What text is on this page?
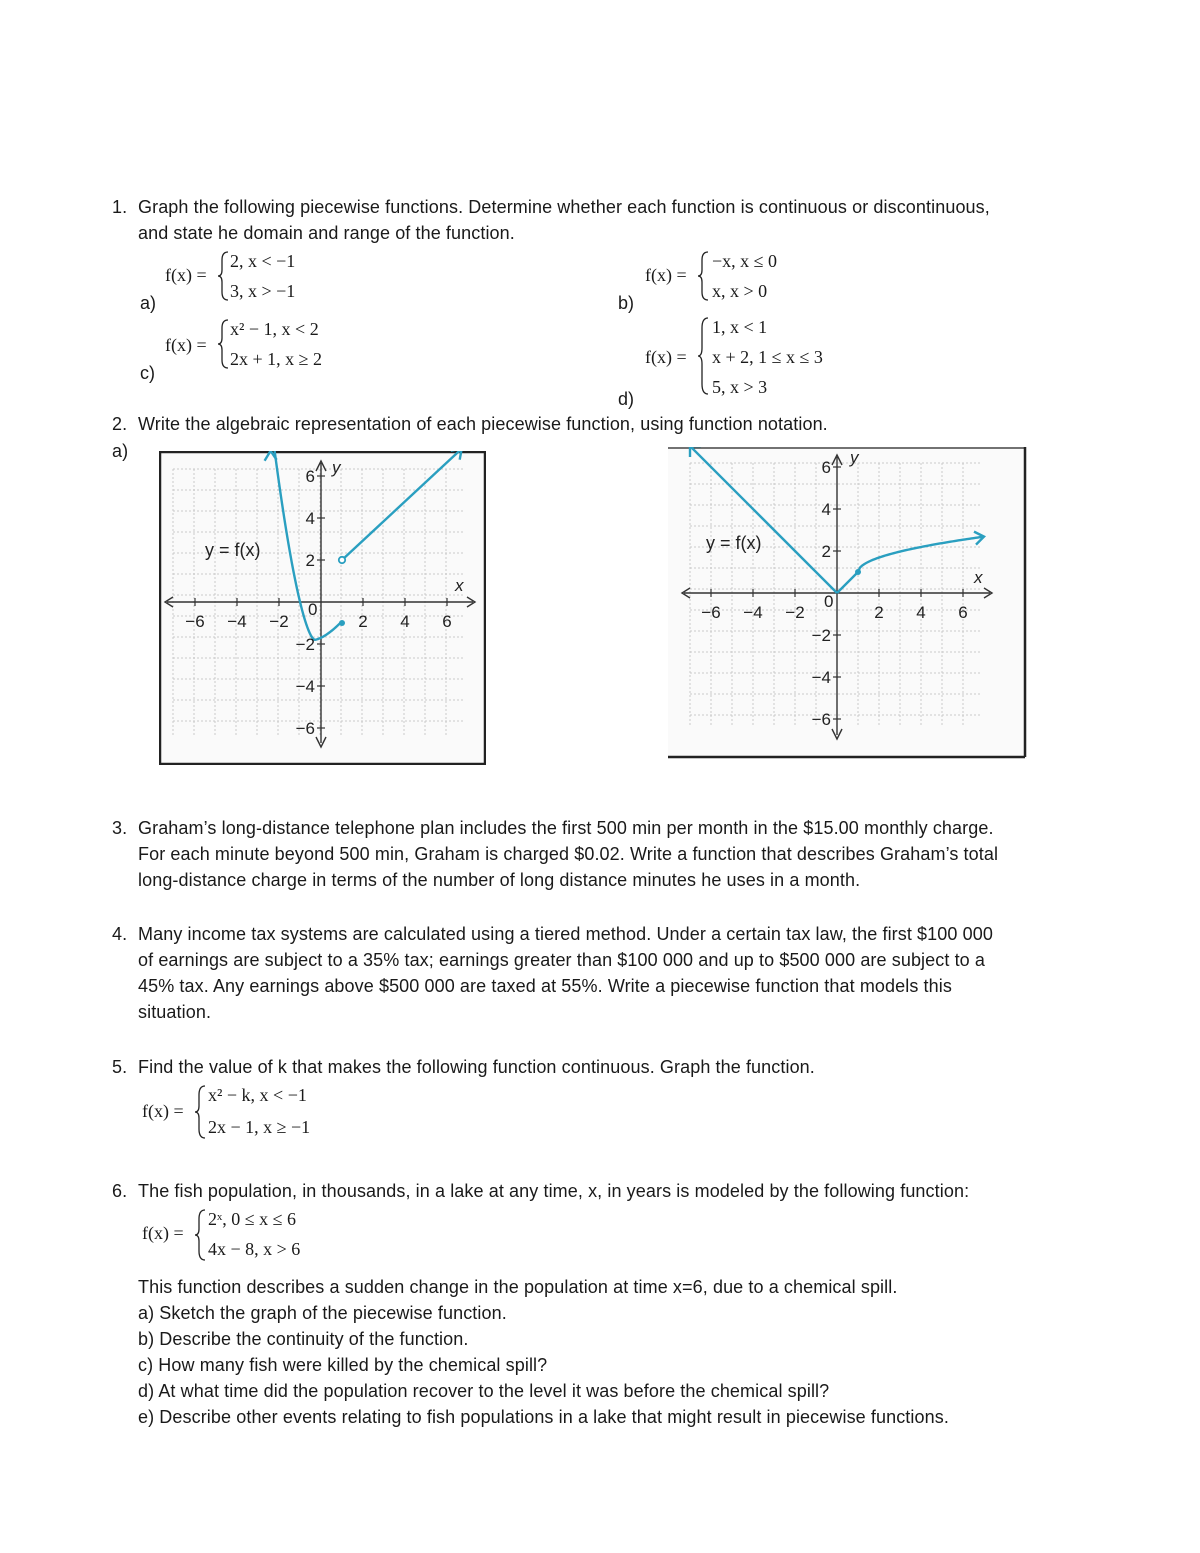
1. Graph the following piecewise functions. Determine whether each function is continuous or discontinuous,
and state he domain and range of the function.
f(x) =
2, x < −1
3, x > −1
a)
f(x) =
−x, x ≤ 0
x, x > 0
b)
f(x) =
x² − 1, x < 2
2x + 1, x ≥ 2
c)
f(x) =
1, x < 1
x + 2, 1 ≤ x ≤ 3
5, x > 3
d)
2. Write the algebraic representation of each piecewise function, using function notation.
a)
y = f(x)
x
y
0
−6 −4 −2	2 4 6
6
4
2
−2
−4
−6
y = f(x)
x
y
0
−6 −4 −2	2 4 6
6
4
2
−2
−4
−6
3. Graham’s long-distance telephone plan includes the first 500 min per month in the $15.00 monthly charge.
For each minute beyond 500 min, Graham is charged $0.02. Write a function that describes Graham’s total
long-distance charge in terms of the number of long distance minutes he uses in a month.
4. Many income tax systems are calculated using a tiered method. Under a certain tax law, the first $100 000
of earnings are subject to a 35% tax; earnings greater than $100 000 and up to $500 000 are subject to a
45% tax. Any earnings above $500 000 are taxed at 55%. Write a piecewise function that models this
situation.
5. Find the value of k that makes the following function continuous. Graph the function.
f(x) =
x² − k, x < −1
2x − 1, x ≥ −1
6. The fish population, in thousands, in a lake at any time, x, in years is modeled by the following function:
f(x) =
2ˣ, 0 ≤ x ≤ 6
4x − 8, x > 6
This function describes a sudden change in the population at time x=6, due to a chemical spill.
a) Sketch the graph of the piecewise function.
b) Describe the continuity of the function.
c) How many fish were killed by the chemical spill?
d) At what time did the population recover to the level it was before the chemical spill?
e) Describe other events relating to fish populations in a lake that might result in piecewise functions.
